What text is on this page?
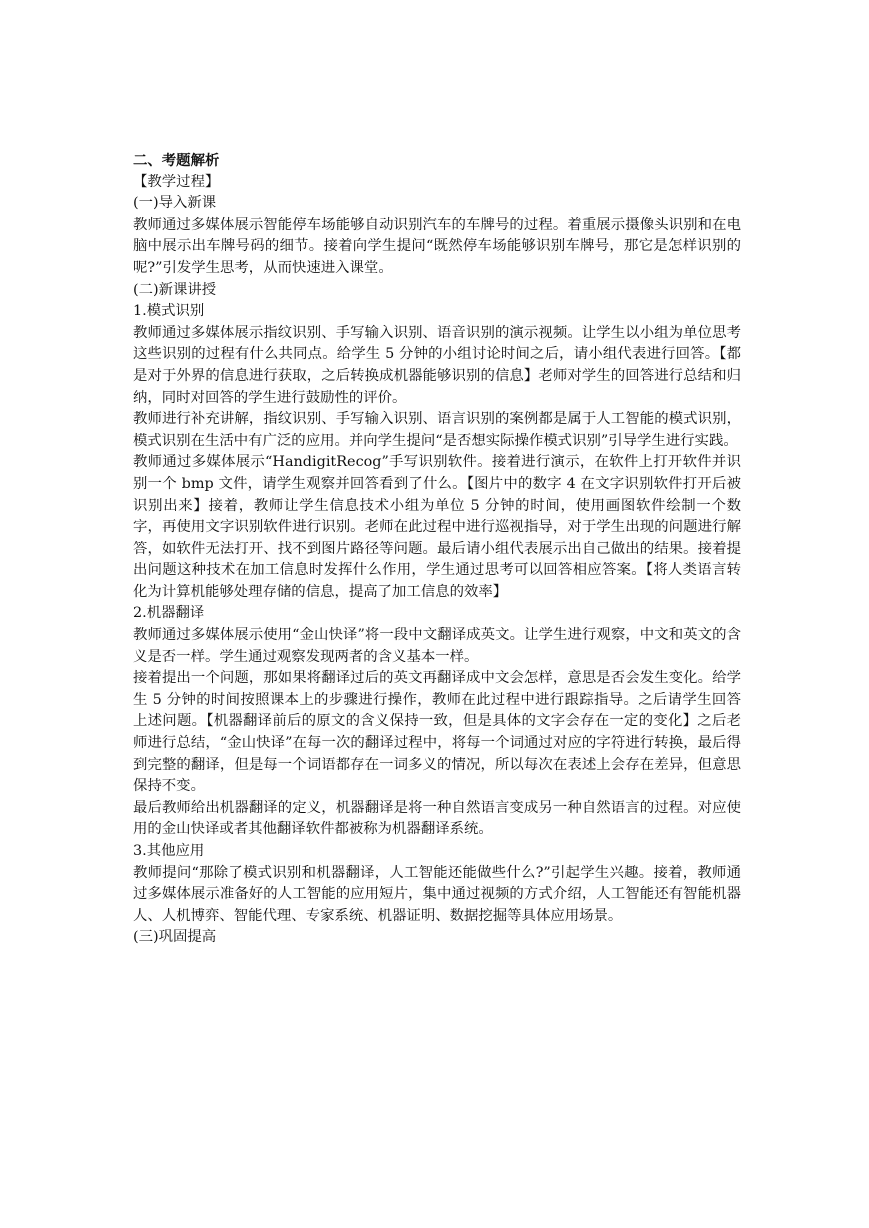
二、考题解析

【教学过程】

(一)导入新课

教师通过多媒体展示智能停车场能够自动识别汽车的车牌号的过程。着重展示摄像头识别和在电脑中展示出车牌号码的细节。接着向学生提问“既然停车场能够识别车牌号，那它是怎样识别的呢?”引发学生思考，从而快速进入课堂。

(二)新课讲授

1.模式识别

教师通过多媒体展示指纹识别、手写输入识别、语音识别的演示视频。让学生以小组为单位思考这些识别的过程有什么共同点。给学生 5 分钟的小组讨论时间之后，请小组代表进行回答。【都是对于外界的信息进行获取，之后转换成机器能够识别的信息】老师对学生的回答进行总结和归纳，同时对回答的学生进行鼓励性的评价。

教师进行补充讲解，指纹识别、手写输入识别、语言识别的案例都是属于人工智能的模式识别，模式识别在生活中有广泛的应用。并向学生提问“是否想实际操作模式识别”引导学生进行实践。

教师通过多媒体展示“HandigitRecog”手写识别软件。接着进行演示，在软件上打开软件并识别一个 bmp 文件，请学生观察并回答看到了什么。【图片中的数字 4 在文字识别软件打开后被识别出来】接着，教师让学生信息技术小组为单位 5 分钟的时间，使用画图软件绘制一个数字，再使用文字识别软件进行识别。老师在此过程中进行巡视指导，对于学生出现的问题进行解答，如软件无法打开、找不到图片路径等问题。最后请小组代表展示出自己做出的结果。接着提出问题这种技术在加工信息时发挥什么作用，学生通过思考可以回答相应答案。【将人类语言转化为计算机能够处理存储的信息，提高了加工信息的效率】

2.机器翻译

教师通过多媒体展示使用“金山快译”将一段中文翻译成英文。让学生进行观察，中文和英文的含义是否一样。学生通过观察发现两者的含义基本一样。

接着提出一个问题，那如果将翻译过后的英文再翻译成中文会怎样，意思是否会发生变化。给学生 5 分钟的时间按照课本上的步骤进行操作，教师在此过程中进行跟踪指导。之后请学生回答上述问题。【机器翻译前后的原文的含义保持一致，但是具体的文字会存在一定的变化】之后老师进行总结，“金山快译”在每一次的翻译过程中，将每一个词通过对应的字符进行转换，最后得到完整的翻译，但是每一个词语都存在一词多义的情况，所以每次在表述上会存在差异，但意思保持不变。

最后教师给出机器翻译的定义，机器翻译是将一种自然语言变成另一种自然语言的过程。对应使用的金山快译或者其他翻译软件都被称为机器翻译系统。

3.其他应用

教师提问“那除了模式识别和机器翻译，人工智能还能做些什么?”引起学生兴趣。接着，教师通过多媒体展示准备好的人工智能的应用短片，集中通过视频的方式介绍，人工智能还有智能机器人、人机博弈、智能代理、专家系统、机器证明、数据挖掘等具体应用场景。

(三)巩固提高
